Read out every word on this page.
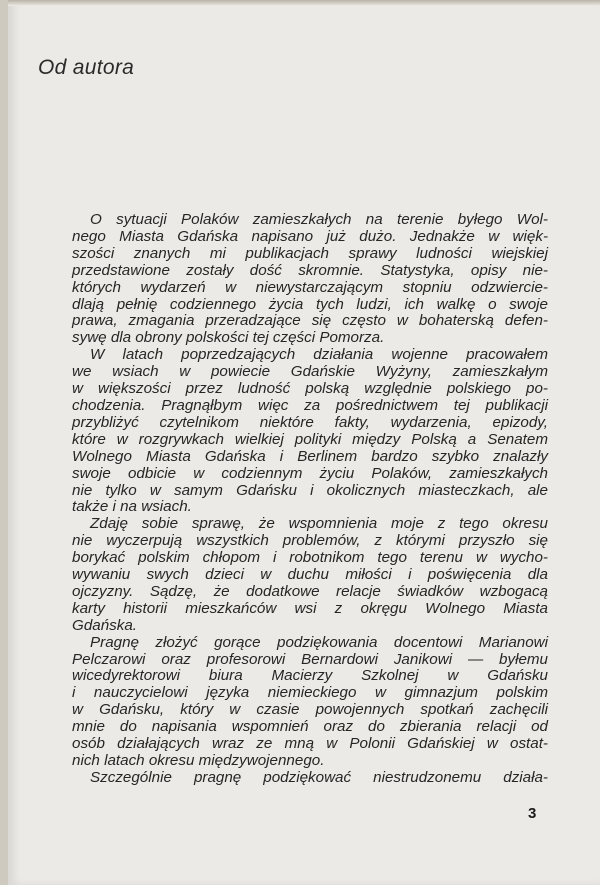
Od autora
O sytuacji Polaków zamieszkałych na terenie byłego Wol-
nego Miasta Gdańska napisano już dużo. Jednakże w więk-
szości znanych mi publikacjach sprawy ludności wiejskiej
przedstawione zostały dość skromnie. Statystyka, opisy nie-
których wydarzeń w niewystarczającym stopniu odzwiercie-
dlają pełnię codziennego życia tych ludzi, ich walkę o swoje
prawa, zmagania przeradzające się często w bohaterską defen-
sywę dla obrony polskości tej części Pomorza.
W latach poprzedzających działania wojenne pracowałem
we wsiach w powiecie Gdańskie Wyżyny, zamieszkałym
w większości przez ludność polską względnie polskiego po-
chodzenia. Pragnąłbym więc za pośrednictwem tej publikacji
przybliżyć czytelnikom niektóre fakty, wydarzenia, epizody,
które w rozgrywkach wielkiej polityki między Polską a Senatem
Wolnego Miasta Gdańska i Berlinem bardzo szybko znalazły
swoje odbicie w codziennym życiu Polaków, zamieszkałych
nie tylko w samym Gdańsku i okolicznych miasteczkach, ale
także i na wsiach.
Zdaję sobie sprawę, że wspomnienia moje z tego okresu
nie wyczerpują wszystkich problemów, z którymi przyszło się
borykać polskim chłopom i robotnikom tego terenu w wycho-
wywaniu swych dzieci w duchu miłości i poświęcenia dla
ojczyzny. Sądzę, że dodatkowe relacje świadków wzbogacą
karty historii mieszkańców wsi z okręgu Wolnego Miasta
Gdańska.
Pragnę złożyć gorące podziękowania docentowi Marianowi
Pelczarowi oraz profesorowi Bernardowi Janikowi — byłemu
wicedyrektorowi biura Macierzy Szkolnej w Gdańsku
i nauczycielowi języka niemieckiego w gimnazjum polskim
w Gdańsku, który w czasie powojennych spotkań zachęcili
mnie do napisania wspomnień oraz do zbierania relacji od
osób działających wraz ze mną w Polonii Gdańskiej w ostat-
nich latach okresu międzywojennego.
Szczególnie pragnę podziękować niestrudzonemu działa-
3
